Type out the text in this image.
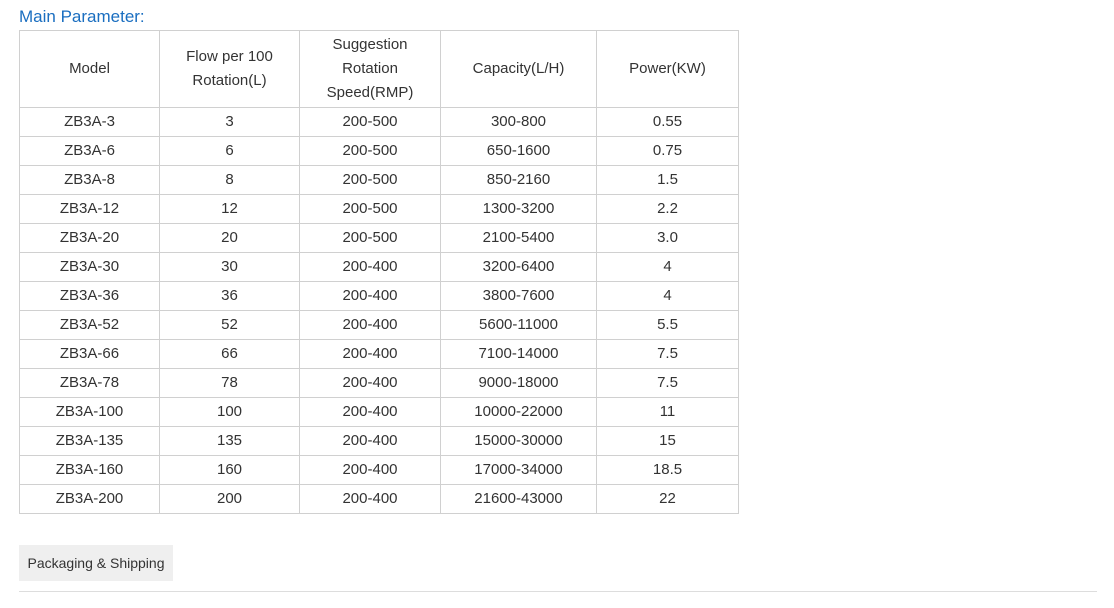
Main Parameter:
Model	Flow per 100 Rotation(L)	Suggestion Rotation Speed(RMP)	Capacity(L/H)	Power(KW)
ZB3A-3	3	200-500	300-800	0.55
ZB3A-6	6	200-500	650-1600	0.75
ZB3A-8	8	200-500	850-2160	1.5
ZB3A-12	12	200-500	1300-3200	2.2
ZB3A-20	20	200-500	2100-5400	3.0
ZB3A-30	30	200-400	3200-6400	4
ZB3A-36	36	200-400	3800-7600	4
ZB3A-52	52	200-400	5600-11000	5.5
ZB3A-66	66	200-400	7100-14000	7.5
ZB3A-78	78	200-400	9000-18000	7.5
ZB3A-100	100	200-400	10000-22000	11
ZB3A-135	135	200-400	15000-30000	15
ZB3A-160	160	200-400	17000-34000	18.5
ZB3A-200	200	200-400	21600-43000	22
Packaging & Shipping
